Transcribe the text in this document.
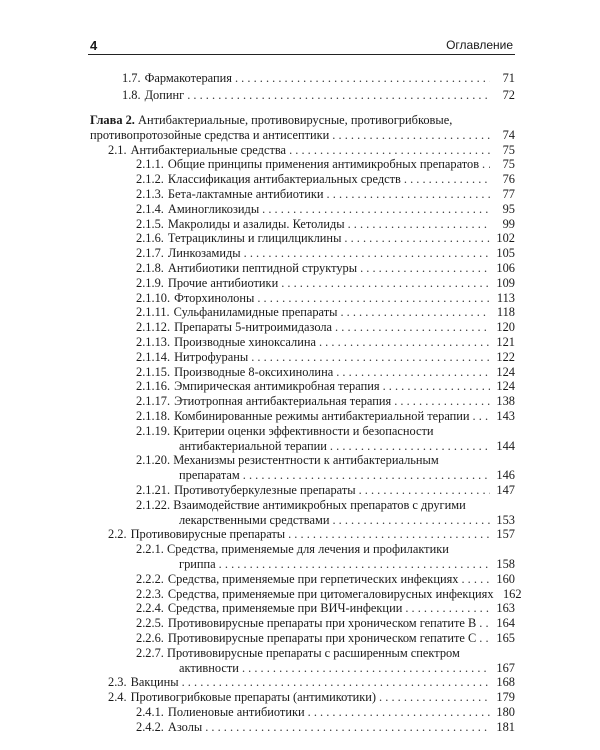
4	Оглавление
1.7. Фармакотерапия . . .	71
1.8. Допинг . . .	72
Глава 2. Антибактериальные, противовирусные, противогрибковые,
противопротозойные средства и антисептики . . .	74
2.1. Антибактериальные средства . . .	75
2.1.1. Общие принципы применения антимикробных препаратов . . .	75
2.1.2. Классификация антибактериальных средств . . .	76
2.1.3. Бета-лактамные антибиотики . . .	77
2.1.4. Аминогликозиды . . .	95
2.1.5. Макролиды и азалиды. Кетолиды . . .	99
2.1.6. Тетрациклины и глицилциклины . . .	102
2.1.7. Линкозамиды . . .	105
2.1.8. Антибиотики пептидной структуры . . .	106
2.1.9. Прочие антибиотики . . .	109
2.1.10. Фторхинолоны . . .	113
2.1.11. Сульфаниламидные препараты . . .	118
2.1.12. Препараты 5-нитроимидазола . . .	120
2.1.13. Производные хиноксалина . . .	121
2.1.14. Нитрофураны . . .	122
2.1.15. Производные 8-оксихинолина . . .	124
2.1.16. Эмпирическая антимикробная терапия . . .	124
2.1.17. Этиотропная антибактериальная терапия . . .	138
2.1.18. Комбинированные режимы антибактериальной терапии . . . 143
2.1.19. Критерии оценки эффективности и безопасности
антибактериальной терапии . . .	144
2.1.20. Механизмы резистентности к антибактериальным
препаратам . . .	146
2.1.21. Противотуберкулезные препараты . . .	147
2.1.22. Взаимодействие антимикробных препаратов с другими
лекарственными средствами . . .	153
2.2. Противовирусные препараты . . .	157
2.2.1. Средства, применяемые для лечения и профилактики
гриппа . . .	158
2.2.2. Средства, применяемые при герпетических инфекциях . . .	160
2.2.3. Средства, применяемые при цитомегаловирусных инфекциях 162
2.2.4. Средства, применяемые при ВИЧ-инфекции . . .	163
2.2.5. Противовирусные препараты при хроническом гепатите В . . . 164
2.2.6. Противовирусные препараты при хроническом гепатите С . . . 165
2.2.7. Противовирусные препараты с расширенным спектром
активности . . .	167
2.3. Вакцины . . .	168
2.4. Противогрибковые препараты (антимикотики) . . .	179
2.4.1. Полиеновые антибиотики . . .	180
2.4.2. Азолы . . .	181
